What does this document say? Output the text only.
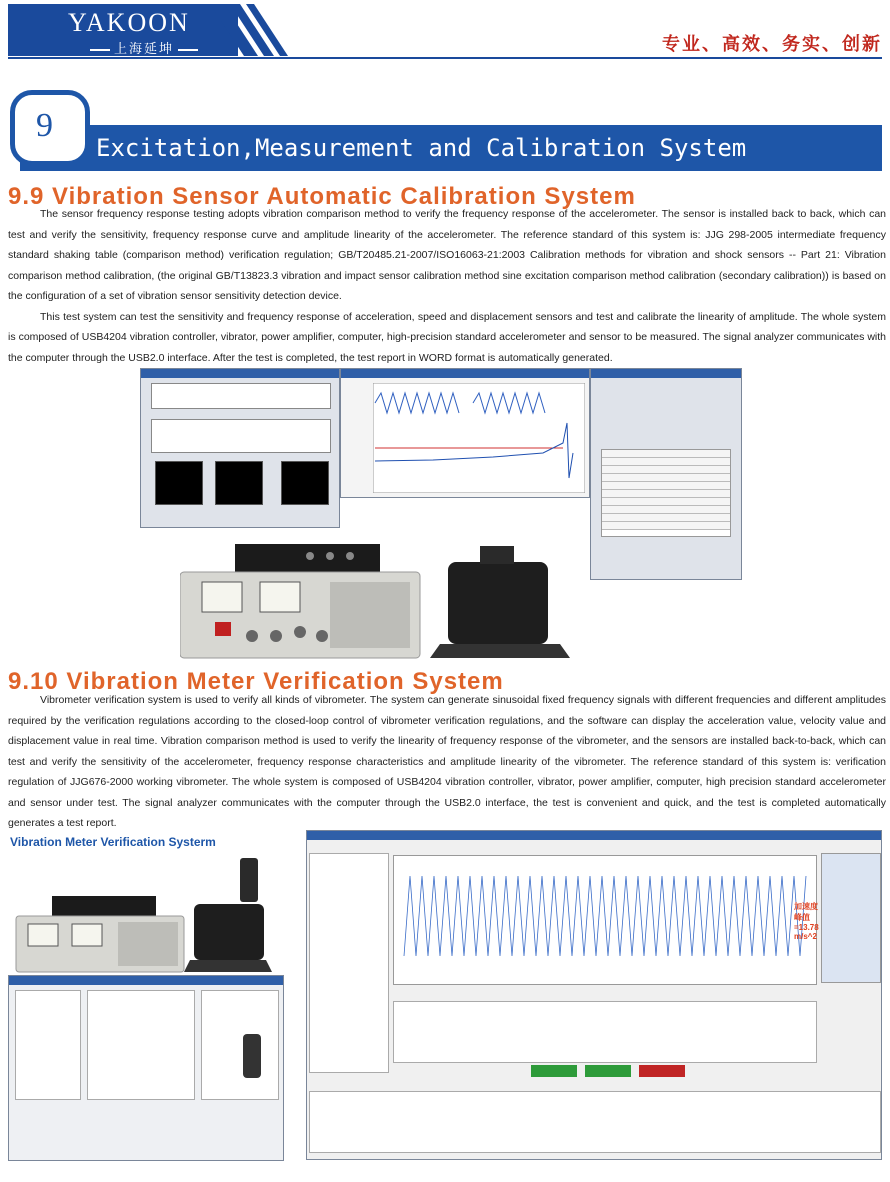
YAKOON
上海延坤	专业、高效、务实、创新
9
Excitation,Measurement and Calibration System
9.9 Vibration Sensor Automatic Calibration System

The sensor frequency response testing adopts vibration comparison method to verify the frequency response of the accelerometer. The sensor is installed back to back, which can test and verify the sensitivity, frequency response curve and amplitude linearity of the accelerometer. The reference standard of this system is: JJG 298-2005 intermediate frequency standard shaking table (comparison method) verification regulation; GB/T20485.21-2007/ISO16063-21:2003 Calibration methods for vibration and shock sensors -- Part 21: Vibration comparison method calibration, (the original GB/T13823.3 vibration and impact sensor calibration method sine excitation comparison method calibration (secondary calibration)) is based on the configuration of a set of vibration sensor sensitivity detection device.

This test system can test the sensitivity and frequency response of acceleration, speed and displacement sensors and test and calibrate the linearity of amplitude. The whole system is composed of USB4204 vibration controller, vibrator, power amplifier, computer, high-precision standard accelerometer and sensor to be measured. The signal analyzer communicates with the computer through the USB2.0 interface. After the test is completed, the test report in WORD format is automatically generated.

9.10 Vibration Meter Verification System

Vibrometer verification system is used to verify all kinds of vibrometer. The system can generate sinusoidal fixed frequency signals with different frequencies and different amplitudes required by the verification regulations according to the closed-loop control of vibrometer verification regulations, and the software can display the acceleration value, velocity value and displacement value in real time. Vibration comparison method is used to verify the linearity of frequency response of the vibrometer, and the sensors are installed back-to-back, which can test and verify the sensitivity of the accelerometer, frequency response characteristics and amplitude linearity of the vibrometer. The reference standard of this system is: verification regulation of JJG676-2000 working vibrometer. The whole system is composed of USB4204 vibration controller, vibrator, power amplifier, computer, high precision standard accelerometer and sensor under test. The signal analyzer communicates with the computer through the USB2.0 interface, the test is convenient and quick, and the test is completed automatically generates a test report.

Vibration Meter Verification Systerm
加速度峰值=13.78 m/s^2
